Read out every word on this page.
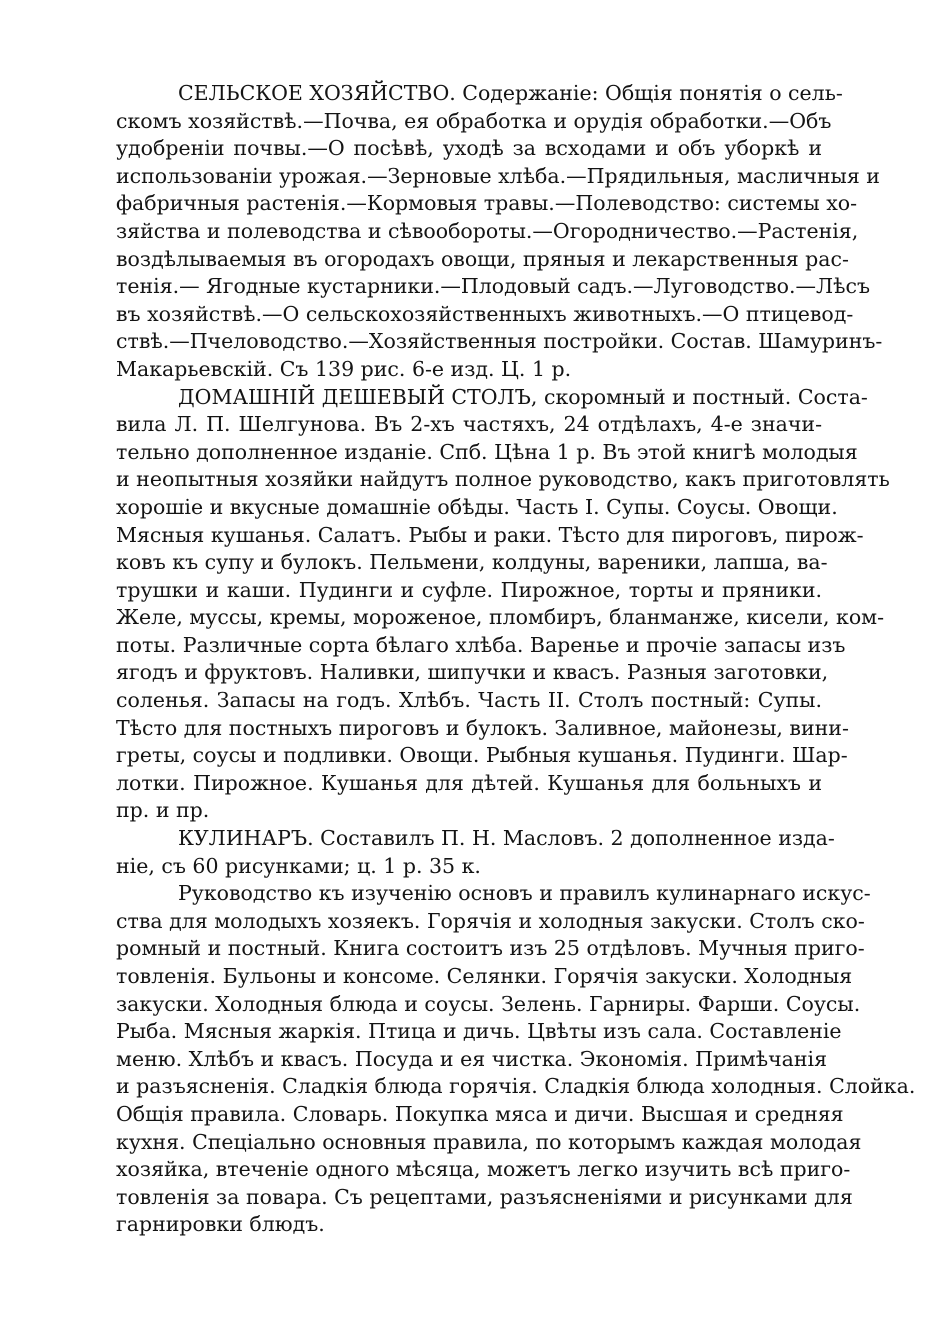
СЕЛЬСКОЕ ХОЗЯЙСТВО. Содержаніе: Общія понятія о сель-
скомъ хозяйствѣ.—Почва, ея обработка и орудія обработки.—Объ
удобреніи почвы.—О посѣвѣ, уходѣ за всходами и объ уборкѣ и
использованіи урожая.—Зерновые хлѣба.—Прядильныя, масличныя и
фабричныя растенія.—Кормовыя травы.—Полеводство: системы хо-
зяйства и полеводства и сѣвообороты.—Огородничество.—Растенія,
воздѣлываемыя въ огородахъ овощи, пряныя и лекарственныя рас-
тенія.— Ягодные кустарники.—Плодовый садъ.—Луговодство.—Лѣсъ
въ хозяйствѣ.—О сельскохозяйственныхъ животныхъ.—О птицевод-
ствѣ.—Пчеловодство.—Хозяйственныя постройки. Состав. Шамуринъ-
Макарьевскій. Съ 139 рис. 6-е изд. Ц. 1 р.
ДОМАШНІЙ ДЕШЕВЫЙ СТОЛЪ, скоромный и постный. Соста-
вила Л. П. Шелгунова. Въ 2-хъ частяхъ, 24 отдѣлахъ, 4-е значи-
тельно дополненное изданіе. Спб. Цѣна 1 р. Въ этой книгѣ молодыя
и неопытныя хозяйки найдутъ полное руководство, какъ приготовлять
хорошіе и вкусные домашніе обѣды. Часть I. Супы. Соусы. Овощи.
Мясныя кушанья. Салатъ. Рыбы и раки. Тѣсто для пироговъ, пирож-
ковъ къ супу и булокъ. Пельмени, колдуны, вареники, лапша, ва-
трушки и каши. Пудинги и суфле. Пирожное, торты и пряники.
Желе, муссы, кремы, мороженое, пломбиръ, бланманже, кисели, ком-
поты. Различные сорта бѣлаго хлѣба. Варенье и прочіе запасы изъ
ягодъ и фруктовъ. Наливки, шипучки и квасъ. Разныя заготовки,
соленья. Запасы на годъ. Хлѣбъ. Часть II. Столъ постный: Супы.
Тѣсто для постныхъ пироговъ и булокъ. Заливное, майонезы, вини-
греты, соусы и подливки. Овощи. Рыбныя кушанья. Пудинги. Шар-
лотки. Пирожное. Кушанья для дѣтей. Кушанья для больныхъ и
пр. и пр.
КУЛИНАРЪ. Составилъ П. Н. Масловъ. 2 дополненное изда-
ніе, съ 60 рисунками; ц. 1 р. 35 к.
Руководство къ изученію основъ и правилъ кулинарнаго искус-
ства для молодыхъ хозяекъ. Горячія и холодныя закуски. Столъ ско-
ромный и постный. Книга состоитъ изъ 25 отдѣловъ. Мучныя приго-
товленія. Бульоны и консоме. Селянки. Горячія закуски. Холодныя
закуски. Холодныя блюда и соусы. Зелень. Гарниры. Фарши. Соусы.
Рыба. Мясныя жаркія. Птица и дичь. Цвѣты изъ сала. Составленіе
меню. Хлѣбъ и квасъ. Посуда и ея чистка. Экономія. Примѣчанія
и разъясненія. Сладкія блюда горячія. Сладкія блюда холодныя. Слойка.
Общія правила. Словарь. Покупка мяса и дичи. Высшая и средняя
кухня. Спеціально основныя правила, по которымъ каждая молодая
хозяйка, втеченіе одного мѣсяца, можетъ легко изучить всѣ приго-
товленія за повара. Съ рецептами, разъясненіями и рисунками для
гарнировки блюдъ.
